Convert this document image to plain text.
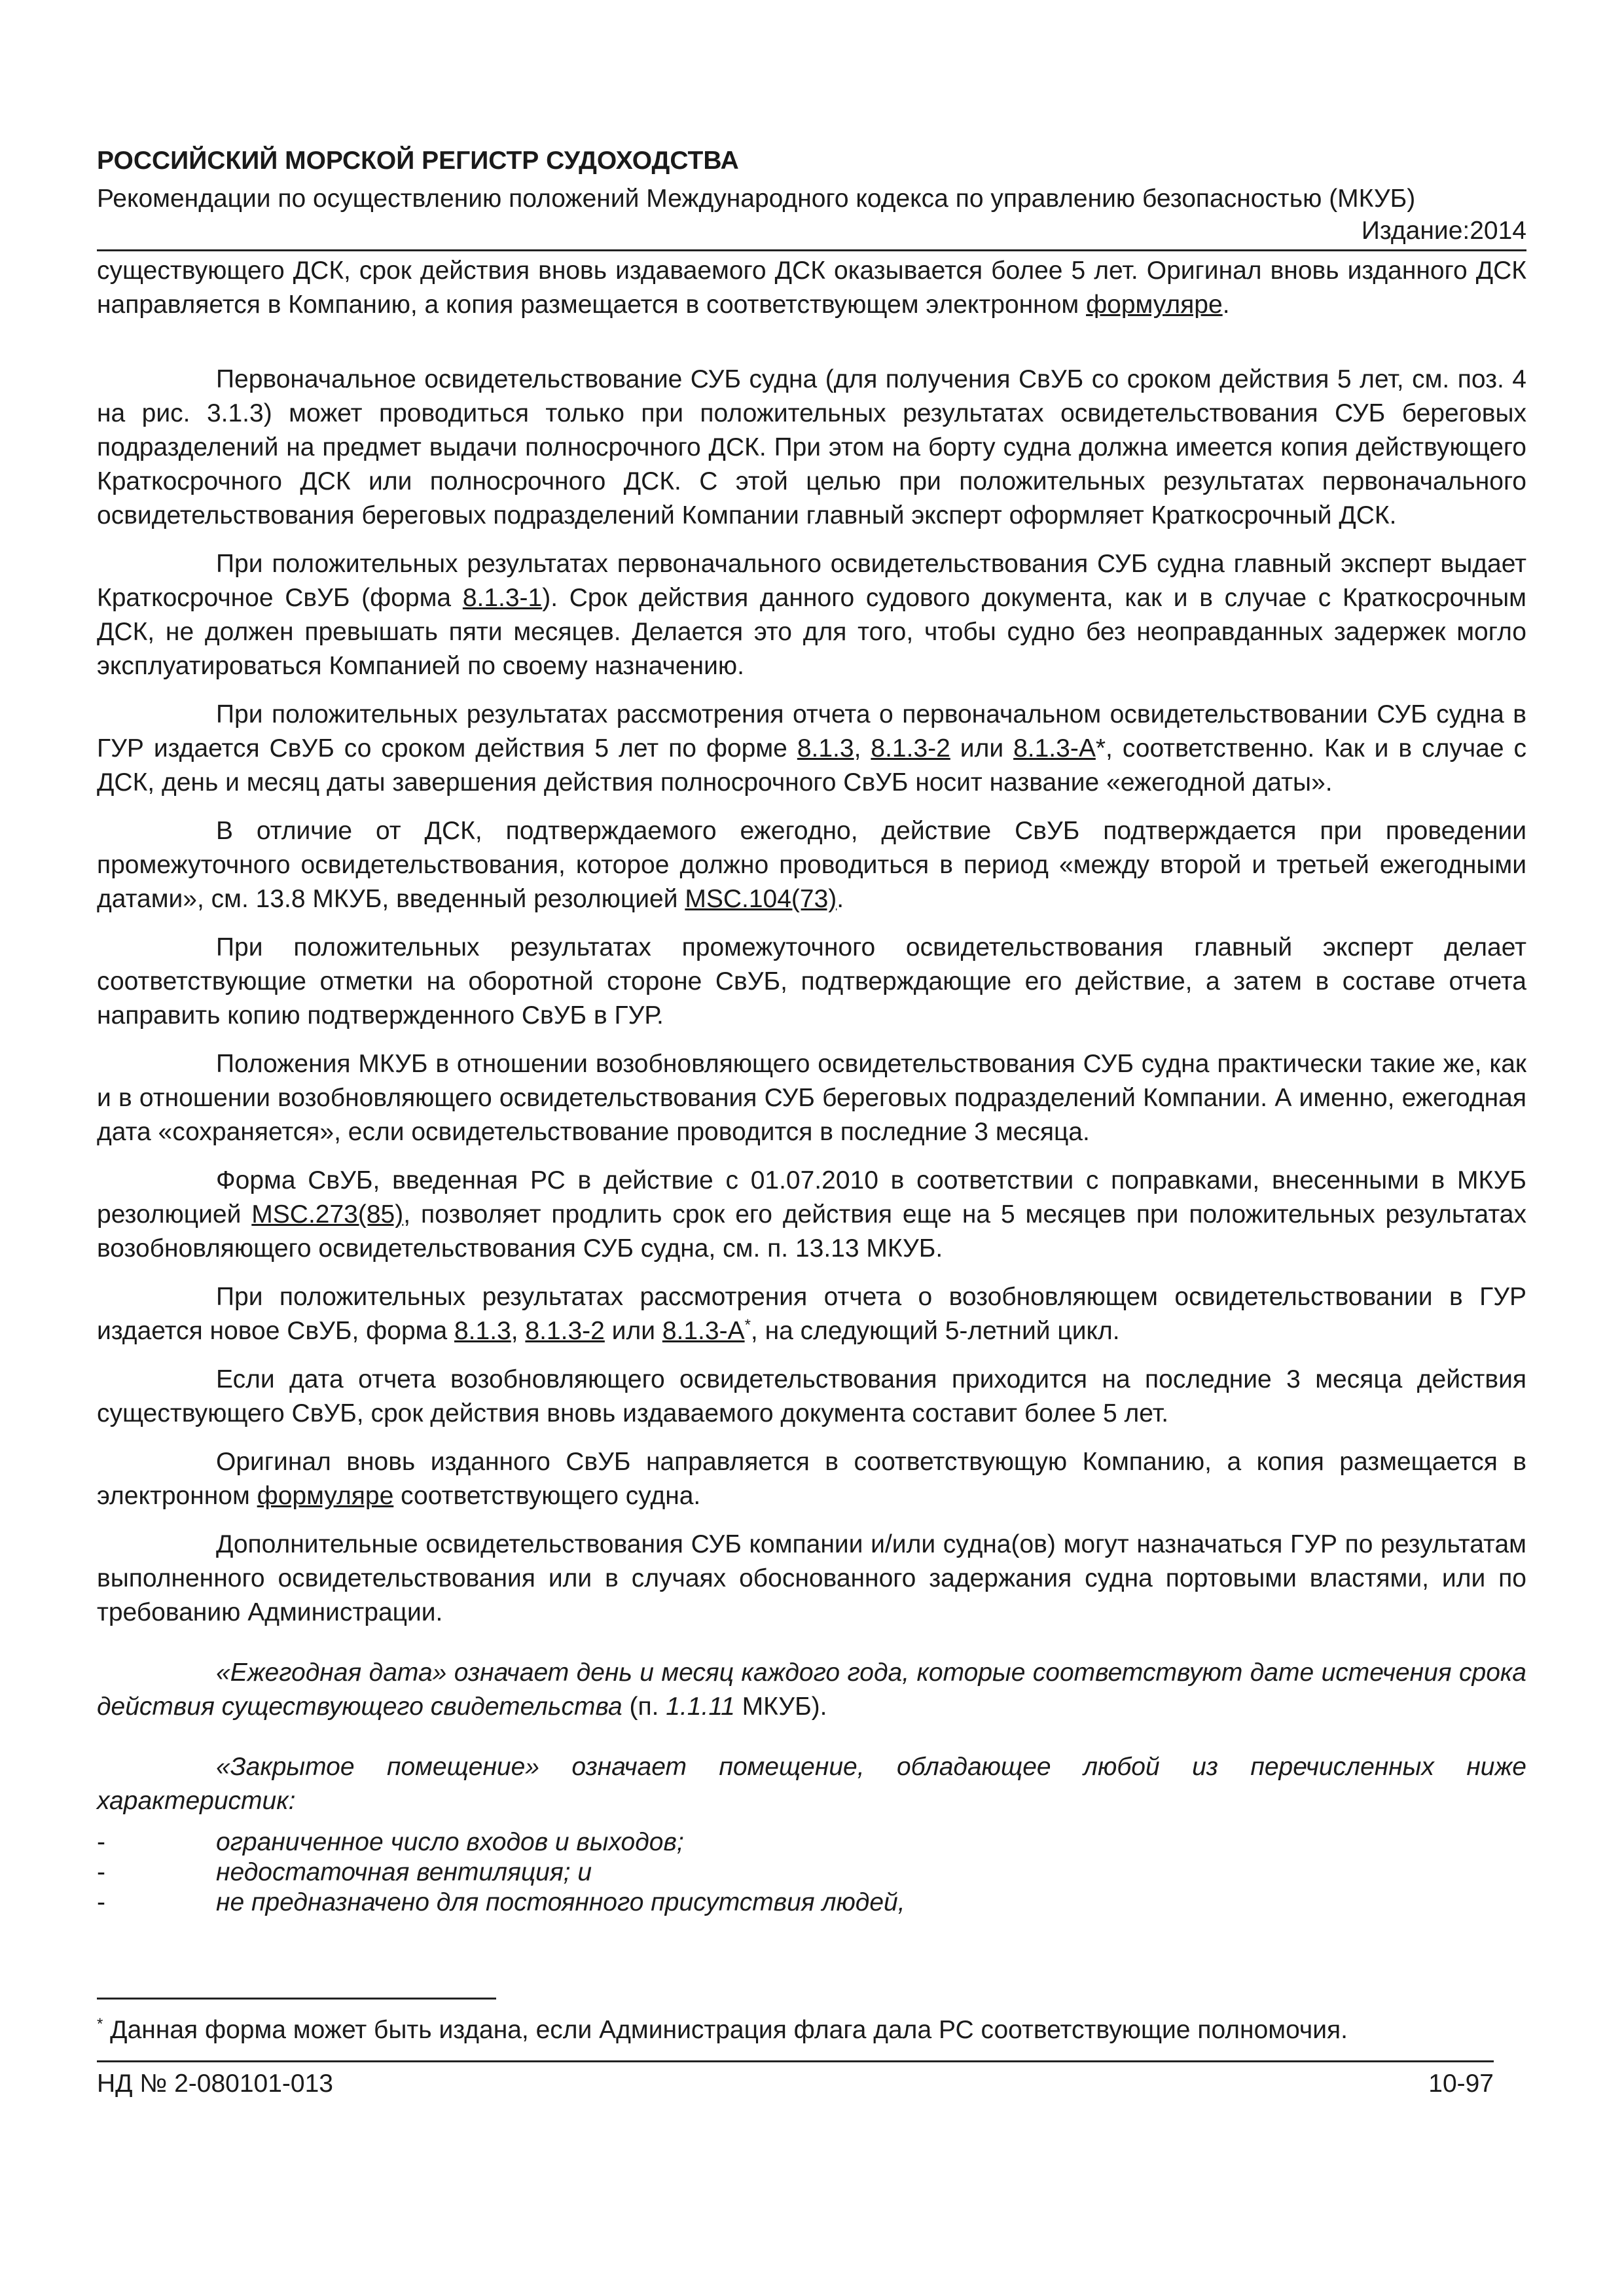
РОССИЙСКИЙ МОРСКОЙ РЕГИСТР СУДОХОДСТВА
Рекомендации по осуществлению положений Международного кодекса по управлению безопасностью (МКУБ)
Издание:2014

существующего ДСК, срок действия вновь издаваемого ДСК оказывается более 5 лет. Оригинал вновь изданного ДСК направляется в Компанию, а копия размещается в соответствующем электронном формуляре.

Первоначальное освидетельствование СУБ судна (для получения СвУБ со сроком действия 5 лет, см. поз. 4 на рис. 3.1.3) может проводиться только при положительных результатах освидетельствования СУБ береговых подразделений на предмет выдачи полносрочного ДСК. При этом на борту судна должна имеется копия действующего Краткосрочного ДСК или полносрочного ДСК. С этой целью при положительных результатах первоначального освидетельствования береговых подразделений Компании главный эксперт оформляет Краткосрочный ДСК.

При положительных результатах первоначального освидетельствования СУБ судна главный эксперт выдает Краткосрочное СвУБ (форма 8.1.3-1). Срок действия данного судового документа, как и в случае с Краткосрочным ДСК, не должен превышать пяти месяцев. Делается это для того, чтобы судно без неоправданных задержек могло эксплуатироваться Компанией по своему назначению.

При положительных результатах рассмотрения отчета о первоначальном освидетельствовании СУБ судна в ГУР издается СвУБ со сроком действия 5 лет по форме 8.1.3, 8.1.3-2 или 8.1.3-А*, соответственно. Как и в случае с ДСК, день и месяц даты завершения действия полносрочного СвУБ носит название «ежегодной даты».

В отличие от ДСК, подтверждаемого ежегодно, действие СвУБ подтверждается при проведении промежуточного освидетельствования, которое должно проводиться в период «между второй и третьей ежегодными датами», см. 13.8 МКУБ, введенный резолюцией MSC.104(73).

При положительных результатах промежуточного освидетельствования главный эксперт делает соответствующие отметки на оборотной стороне СвУБ, подтверждающие его действие, а затем в составе отчета направить копию подтвержденного СвУБ в ГУР.

Положения МКУБ в отношении возобновляющего освидетельствования СУБ судна практически такие же, как и в отношении возобновляющего освидетельствования СУБ береговых подразделений Компании. А именно, ежегодная дата «сохраняется», если освидетельствование проводится в последние 3 месяца.

Форма СвУБ, введенная РС в действие с 01.07.2010 в соответствии с поправками, внесенными в МКУБ резолюцией MSC.273(85), позволяет продлить срок его действия еще на 5 месяцев при положительных результатах возобновляющего освидетельствования СУБ судна, см. п. 13.13 МКУБ.

При положительных результатах рассмотрения отчета о возобновляющем освидетельствовании в ГУР издается новое СвУБ, форма 8.1.3, 8.1.3-2 или 8.1.3-А*, на следующий 5-летний цикл.

Если дата отчета возобновляющего освидетельствования приходится на последние 3 месяца действия существующего СвУБ, срок действия вновь издаваемого документа составит более 5 лет.

Оригинал вновь изданного СвУБ направляется в соответствующую Компанию, а копия размещается в электронном формуляре соответствующего судна.

Дополнительные освидетельствования СУБ компании и/или судна(ов) могут назначаться ГУР по результатам выполненного освидетельствования или в случаях обоснованного задержания судна портовыми властями, или по требованию Администрации.

«Ежегодная дата» означает день и месяц каждого года, которые соответствуют дате истечения срока действия существующего свидетельства (п. 1.1.11 МКУБ).

«Закрытое помещение» означает помещение, обладающее любой из перечисленных ниже характеристик:

-	ограниченное число входов и выходов;
-	недостаточная вентиляция; и
-	не предназначено для постоянного присутствия людей,
* Данная форма может быть издана, если Администрация флага дала РС соответствующие полномочия.
НД № 2-080101-013	10-97
